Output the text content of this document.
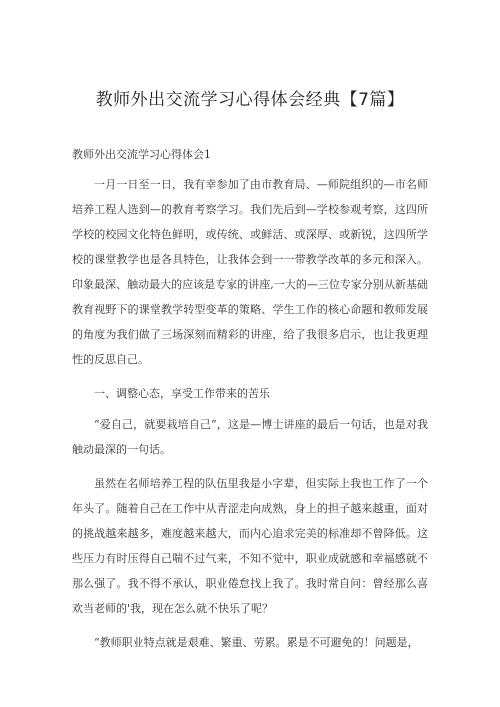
教师外出交流学习心得体会经典【7篇】
教师外出交流学习心得体会1

一月一日至一日，我有幸参加了由市教育局、—师院组织的—市名师培养工程人选到—的教育考察学习。我们先后到—学校参观考察，这四所学校的校园文化特色鲜明，或传统、或鲜活、或深厚、或新锐，这四所学校的课堂教学也是各具特色，让我体会到一一带教学改革的多元和深入。印象最深、触动最大的应该是专家的讲座,一大的—三位专家分别从新基础教育视野下的课堂教学转型变革的策略、学生工作的核心命题和教师发展的角度为我们做了三场深刻而精彩的讲座，给了我很多启示，也让我更理性的反思自己。

一、调整心态，享受工作带来的苦乐

“爱自己，就要栽培自己”，这是—博士讲座的最后一句话，也是对我触动最深的一句话。

虽然在名师培养工程的队伍里我是小字辈，但实际上我也工作了一个年头了。随着自己在工作中从青涩走向成熟，身上的担子越来越重，面对的挑战越来越多，难度越来越大，而内心追求完美的标准却不曾降低。这些压力有时压得自己喘不过气来，不知不觉中，职业成就感和幸福感就不那么强了。我不得不承认，职业倦怠找上我了。我时常自问：曾经那么喜欢当老师的'我，现在怎么就不快乐了呢？

“教师职业特点就是艰难、繁重、劳累。累是不可避免的！问题是，
